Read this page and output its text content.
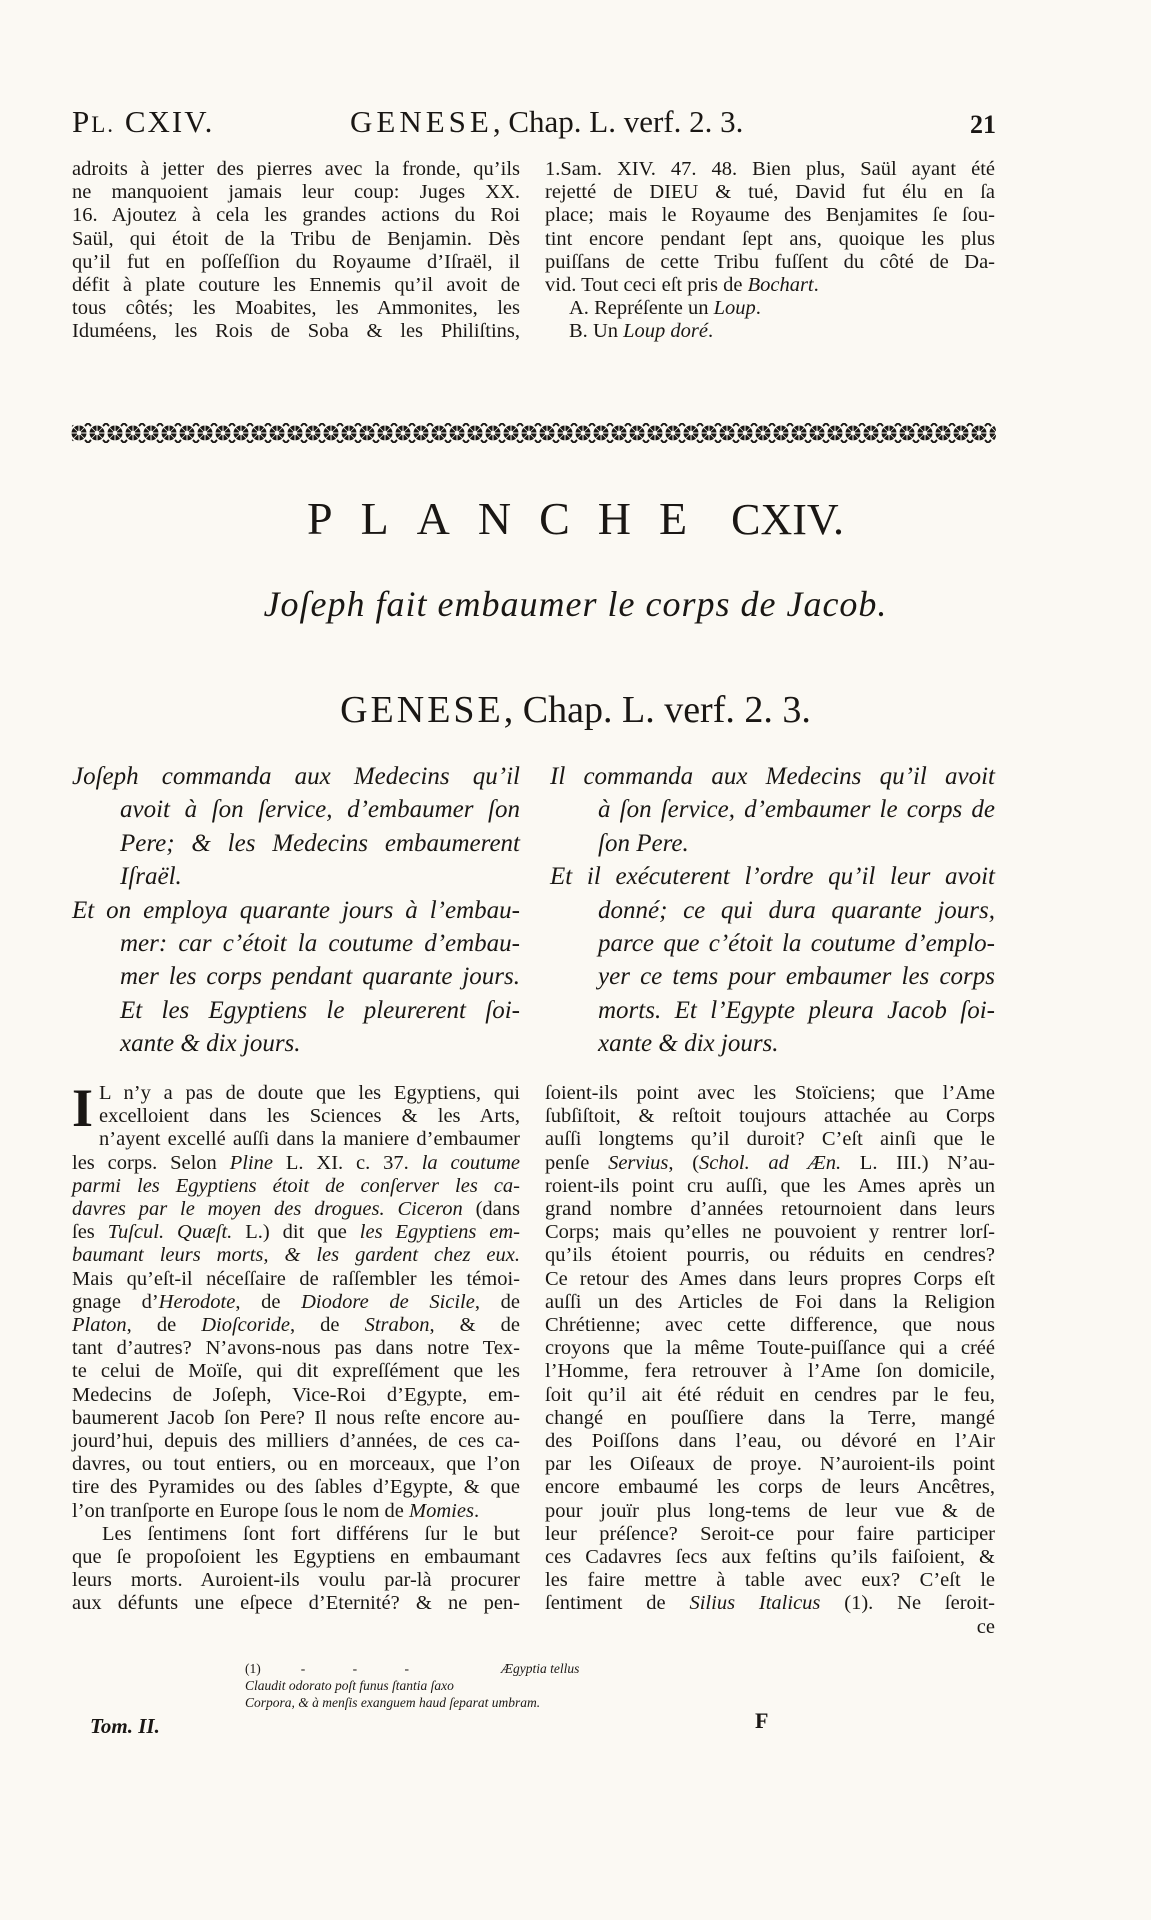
PL. CXIV.	GENESE, Chap. L. verf. 2. 3.	21
adroits à jetter des pierres avec la fronde, qu’ils
ne manquoient jamais leur coup: Juges XX.
16. Ajoutez à cela les grandes actions du Roi
Saül, qui étoit de la Tribu de Benjamin. Dès
qu’il fut en poſſeſſion du Royaume d’Iſraël, il
défit à plate couture les Ennemis qu’il avoit de
tous côtés; les Moabites, les Ammonites, les
Iduméens, les Rois de Soba & les Philiſtins,
1.Sam. XIV. 47. 48. Bien plus, Saül ayant été
rejetté de DIEU & tué, David fut élu en ſa
place; mais le Royaume des Benjamites ſe ſou-
tint encore pendant ſept ans, quoique les plus
puiſſans de cette Tribu fuſſent du côté de Da-
vid. Tout ceci eſt pris de Bochart.
A. Repréſente un Loup.
B. Un Loup doré.
PLANCHE CXIV.
Joſeph fait embaumer le corps de Jacob.
GENESE, Chap. L. verf. 2. 3.
Joſeph commanda aux Medecins qu’il
avoit à ſon ſervice, d’embaumer ſon
Pere; & les Medecins embaumerent
Iſraël.
Et on employa quarante jours à l’embau-
mer: car c’étoit la coutume d’embau-
mer les corps pendant quarante jours.
Et les Egyptiens le pleurerent ſoi-
xante & dix jours.
Il commanda aux Medecins qu’il avoit
à ſon ſervice, d’embaumer le corps de
ſon Pere.
Et il exécuterent l’ordre qu’il leur avoit
donné; ce qui dura quarante jours,
parce que c’étoit la coutume d’emplo-
yer ce tems pour embaumer les corps
morts. Et l’Egypte pleura Jacob ſoi-
xante & dix jours.
I L n’y a pas de doute que les Egyptiens, qui
excelloient dans les Sciences & les Arts,
n’ayent excellé auſſi dans la maniere d’embaumer
les corps. Selon Pline L. XI. c. 37. la coutume
parmi les Egyptiens étoit de conſerver les ca-
davres par le moyen des drogues. Ciceron (dans
ſes Tuſcul. Quæſt. L.) dit que les Egyptiens em-
baumant leurs morts, & les gardent chez eux.
Mais qu’eſt-il néceſſaire de raſſembler les témoi-
gnage d’Herodote, de Diodore de Sicile, de
Platon, de Dioſcoride, de Strabon, & de
tant d’autres? N’avons-nous pas dans notre Tex-
te celui de Moïſe, qui dit expreſſément que les
Medecins de Joſeph, Vice-Roi d’Egypte, em-
baumerent Jacob ſon Pere? Il nous reſte encore au-
jourd’hui, depuis des milliers d’années, de ces ca-
davres, ou tout entiers, ou en morceaux, que l’on
tire des Pyramides ou des ſables d’Egypte, & que
l’on tranſporte en Europe ſous le nom de Momies.
Les ſentimens ſont fort différens ſur le but
que ſe propoſoient les Egyptiens en embaumant
leurs morts. Auroient-ils voulu par-là procurer
aux défunts une eſpece d’Eternité? & ne pen-
ſoient-ils point avec les Stoïciens; que l’Ame
ſubſiſtoit, & reſtoit toujours attachée au Corps
auſſi longtems qu’il duroit? C’eſt ainſi que le
penſe Servius, (Schol. ad Æn. L. III.) N’au-
roient-ils point cru auſſi, que les Ames après un
grand nombre d’années retournoient dans leurs
Corps; mais qu’elles ne pouvoient y rentrer lorſ-
qu’ils étoient pourris, ou réduits en cendres?
Ce retour des Ames dans leurs propres Corps eſt
auſſi un des Articles de Foi dans la Religion
Chrétienne; avec cette difference, que nous
croyons que la même Toute-puiſſance qui a créé
l’Homme, fera retrouver à l’Ame ſon domicile,
ſoit qu’il ait été réduit en cendres par le feu,
changé en pouſſiere dans la Terre, mangé
des Poiſſons dans l’eau, ou dévoré en l’Air
par les Oiſeaux de proye. N’auroient-ils point
encore embaumé les corps de leurs Ancêtres,
pour jouïr plus long-tems de leur vue & de
leur préſence? Seroit-ce pour faire participer
ces Cadavres ſecs aux feſtins qu’ils faiſoient, &
les faire mettre à table avec eux? C’eſt le
ſentiment de Silius Italicus (1). Ne ſeroit-
ce
(1)	- - -	Ægyptia tellus
Claudit odorato poſt funus ſtantia ſaxo
Corpora, & à menſis exanguem haud ſeparat umbram.
Tom. II.	F
